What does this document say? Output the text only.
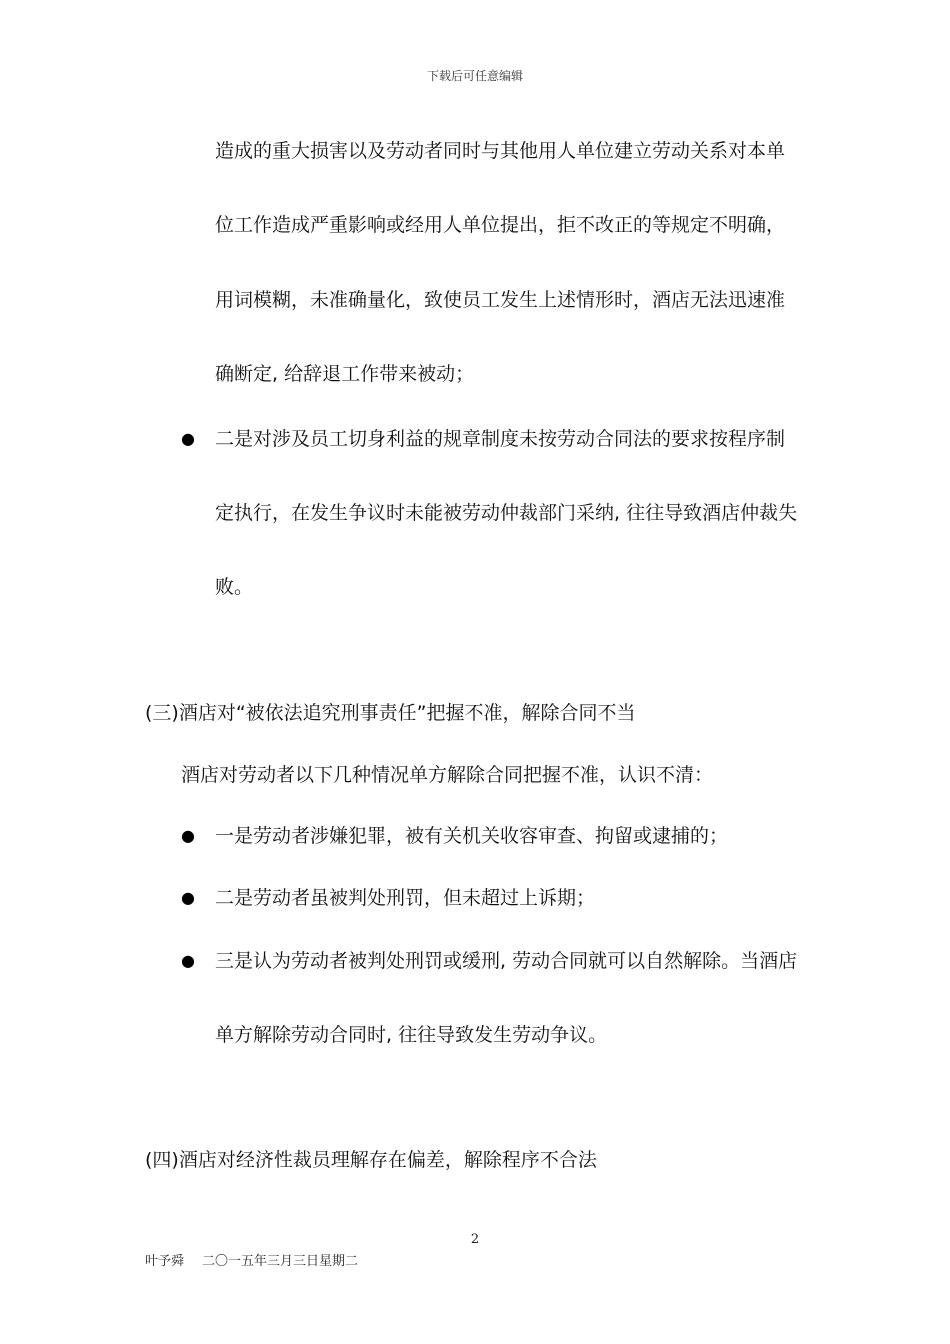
下载后可任意编辑
造成的重大损害以及劳动者同时与其他用人单位建立劳动关系对本单
位工作造成严重影响或经用人单位提出，拒不改正的等规定不明确，
用词模糊，未准确量化，致使员工发生上述情形时，酒店无法迅速准
确断定, 给辞退工作带来被动；
● 二是对涉及员工切身利益的规章制度未按劳动合同法的要求按程序制
定执行，在发生争议时未能被劳动仲裁部门采纳, 往往导致酒店仲裁失
败。
(三)酒店对“被依法追究刑事责任”把握不准，解除合同不当
酒店对劳动者以下几种情况单方解除合同把握不准，认识不清：
● 一是劳动者涉嫌犯罪，被有关机关收容审查、拘留或逮捕的；
● 二是劳动者虽被判处刑罚，但未超过上诉期；
● 三是认为劳动者被判处刑罚或缓刑, 劳动合同就可以自然解除。当酒店
单方解除劳动合同时, 往往导致发生劳动争议。
(四)酒店对经济性裁员理解存在偏差，解除程序不合法
2
叶予舜 二〇一五年三月三日星期二
